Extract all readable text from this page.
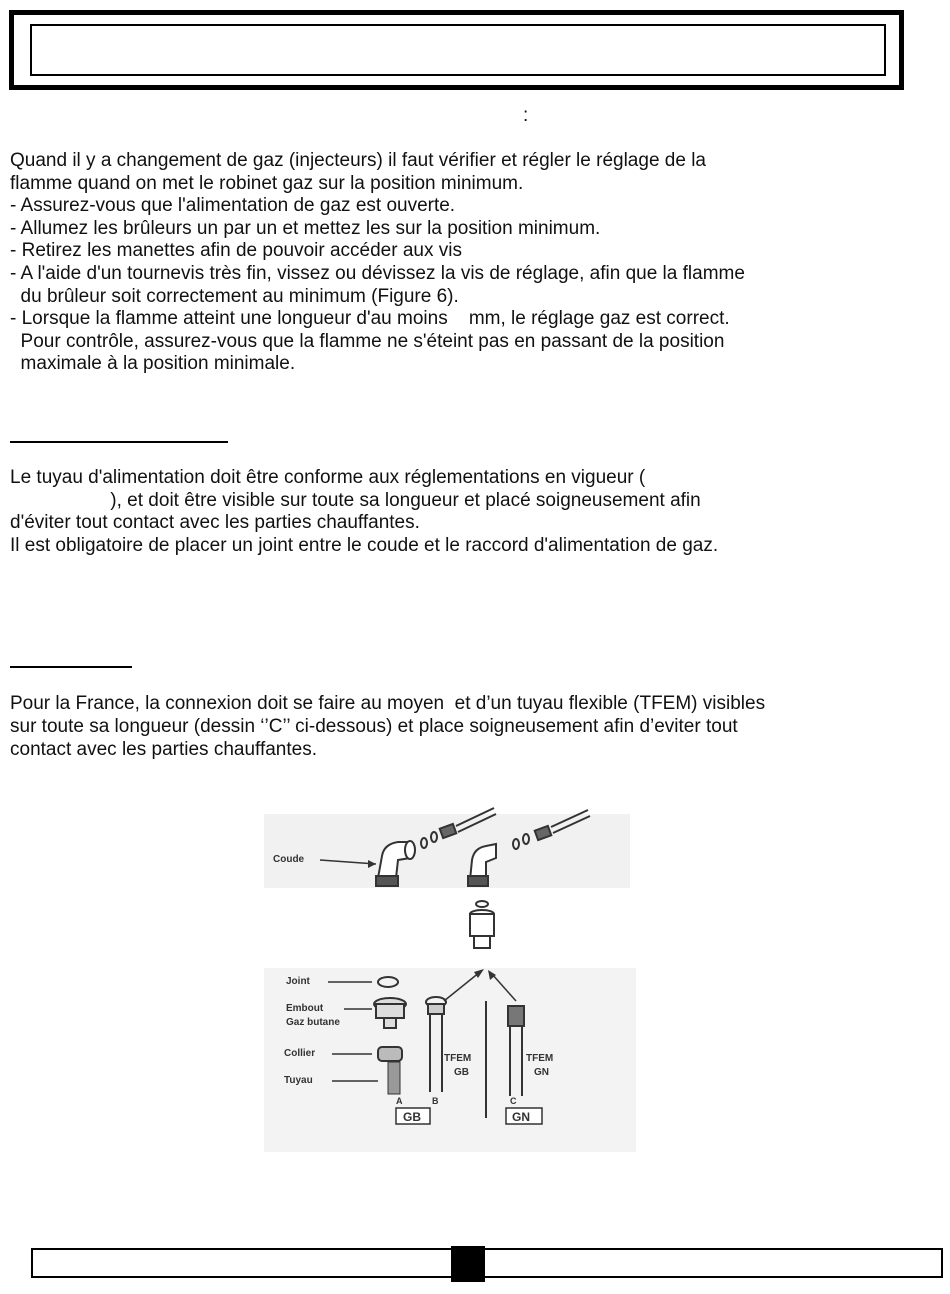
:

Quand il y a changement de gaz (injecteurs) il faut vérifier et régler le réglage de la

flamme quand on met le robinet gaz sur la position minimum.

- Assurez-vous que l'alimentation de gaz est ouverte.

- Allumez les brûleurs un par un et mettez les sur la position minimum.

- Retirez les manettes afin de pouvoir accéder aux vis

- A l'aide d'un tournevis très fin, vissez ou dévissez la vis de réglage, afin que la flamme

du brûleur soit correctement au minimum (Figure 6).

- Lorsque la flamme atteint une longueur d'au moins    mm, le réglage gaz est correct.

Pour contrôle, assurez-vous que la flamme ne s'éteint pas en passant de la position

maximale à la position minimale.

Le tuyau d'alimentation doit être conforme aux réglementations en vigueur (

), et doit être visible sur toute sa longueur et placé soigneusement afin

d'éviter tout contact avec les parties chauffantes.

Il est obligatoire de placer un joint entre le coude et le raccord d'alimentation de gaz.

Pour la France, la connexion doit se faire au moyen  et d’un tuyau flexible (TFEM) visibles

sur toute sa longueur (dessin ‘’C’’ ci-dessous) et place soigneusement afin d’eviter tout

contact avec les parties chauffantes.

Coude
Joint
Embout
Gaz butane
Collier
Tuyau
TFEM
GB
TFEM
GN
A	B	C
GB	GN
